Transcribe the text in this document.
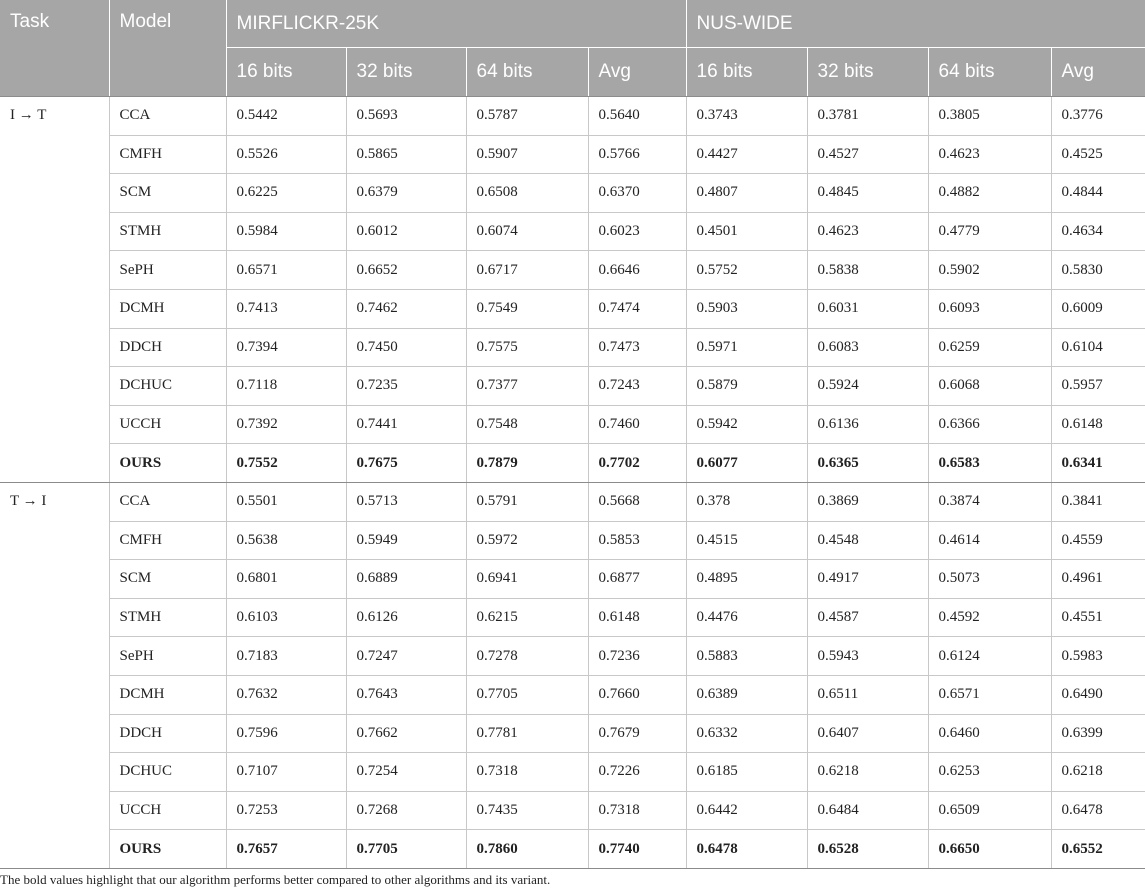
Task	Model	MIRFLICKR-25K				NUS-WIDE			
		16 bits	32 bits	64 bits	Avg	16 bits	32 bits	64 bits	Avg
I → T	CCA	0.5442	0.5693	0.5787	0.5640	0.3743	0.3781	0.3805	0.3776
	CMFH	0.5526	0.5865	0.5907	0.5766	0.4427	0.4527	0.4623	0.4525
	SCM	0.6225	0.6379	0.6508	0.6370	0.4807	0.4845	0.4882	0.4844
	STMH	0.5984	0.6012	0.6074	0.6023	0.4501	0.4623	0.4779	0.4634
	SePH	0.6571	0.6652	0.6717	0.6646	0.5752	0.5838	0.5902	0.5830
	DCMH	0.7413	0.7462	0.7549	0.7474	0.5903	0.6031	0.6093	0.6009
	DDCH	0.7394	0.7450	0.7575	0.7473	0.5971	0.6083	0.6259	0.6104
	DCHUC	0.7118	0.7235	0.7377	0.7243	0.5879	0.5924	0.6068	0.5957
	UCCH	0.7392	0.7441	0.7548	0.7460	0.5942	0.6136	0.6366	0.6148
	OURS	0.7552	0.7675	0.7879	0.7702	0.6077	0.6365	0.6583	0.6341
T → I	CCA	0.5501	0.5713	0.5791	0.5668	0.378	0.3869	0.3874	0.3841
	CMFH	0.5638	0.5949	0.5972	0.5853	0.4515	0.4548	0.4614	0.4559
	SCM	0.6801	0.6889	0.6941	0.6877	0.4895	0.4917	0.5073	0.4961
	STMH	0.6103	0.6126	0.6215	0.6148	0.4476	0.4587	0.4592	0.4551
	SePH	0.7183	0.7247	0.7278	0.7236	0.5883	0.5943	0.6124	0.5983
	DCMH	0.7632	0.7643	0.7705	0.7660	0.6389	0.6511	0.6571	0.6490
	DDCH	0.7596	0.7662	0.7781	0.7679	0.6332	0.6407	0.6460	0.6399
	DCHUC	0.7107	0.7254	0.7318	0.7226	0.6185	0.6218	0.6253	0.6218
	UCCH	0.7253	0.7268	0.7435	0.7318	0.6442	0.6484	0.6509	0.6478
	OURS	0.7657	0.7705	0.7860	0.7740	0.6478	0.6528	0.6650	0.6552
The bold values highlight that our algorithm performs better compared to other algorithms and its variant.
